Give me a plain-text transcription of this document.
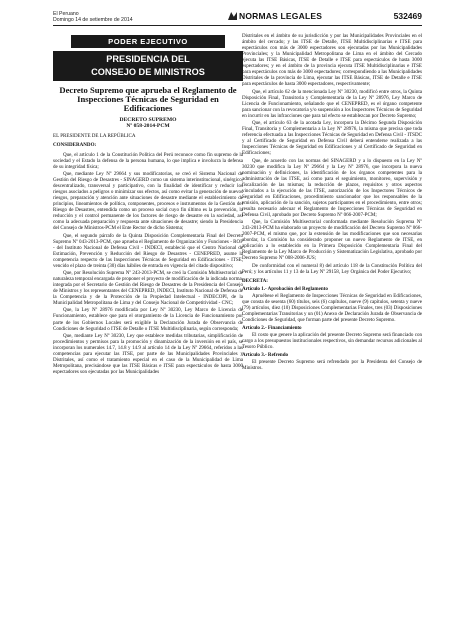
El Peruano
Domingo 14 de setiembre de 2014	NORMAS LEGALES	532469
PODER EJECUTIVO
PRESIDENCIA DEL
CONSEJO DE MINISTROS
Decreto Supremo que aprueba el Reglamento de Inspecciones Técnicas de Seguridad en Edificaciones
DECRETO SUPREMO
Nº 058-2014-PCM

EL PRESIDENTE DE LA REPÚBLICA

CONSIDERANDO:

Que, el artículo 1 de la Constitución Política del Perú reconoce como fin supremo de la sociedad y el Estado la defensa de la persona humana, lo que implica e involucra la defensa de su integridad física;

Que, mediante Ley Nº 29664 y sus modificatorias, se creó el Sistema Nacional de Gestión del Riesgo de Desastres - SINAGERD como un sistema interinstitucional, sinérgico, descentralizado, transversal y participativo, con la finalidad de identificar y reducir los riesgos asociados a peligros o minimizar sus efectos, así como evitar la generación de nuevos riesgos, preparación y atención ante situaciones de desastre mediante el establecimiento de principios, lineamientos de política, componentes, procesos e instrumentos de la Gestión del Riesgo de Desastres, entendida como un proceso social cuyo fin último es la prevención, la reducción y el control permanente de los factores de riesgo de desastre en la sociedad, así como la adecuada preparación y respuesta ante situaciones de desastre; siendo la Presidencia del Consejo de Ministros-PCM el Ente Rector de dicho Sistema;

Que, el segundo párrafo de la Quinta Disposición Complementaria Final del Decreto Supremo Nº 043-2013-PCM, que aprueba el Reglamento de Organización y Funciones - ROF - del Instituto Nacional de Defensa Civil - INDECI, estableció que el Centro Nacional de Estimación, Prevención y Reducción del Riesgo de Desastres - CENEPRED, asume la competencia respecto de las Inspecciones Técnicas de Seguridad en Edificaciones - ITSE, vencido el plazo de treinta (30) días hábiles de entrada en vigencia del citado dispositivo;

Que, por Resolución Suprema Nº 243-2013-PCM, se creó la Comisión Multisectorial de naturaleza temporal encargada de proponer el proyecto de modificación de la indicada norma, integrada por el Secretario de Gestión del Riesgo de Desastres de la Presidencia del Consejo de Ministros y los representantes del CENEPRED, INDECI, Instituto Nacional de Defensa de la Competencia y de la Protección de la Propiedad Intelectual - INDECOPI, de la Municipalidad Metropolitana de Lima y del Consejo Nacional de Competitividad - CNC;

Que, la Ley Nº 28976 modificada por Ley Nº 30230, Ley Marco de Licencia de Funcionamiento, establece que para el otorgamiento de la Licencia de Funcionamiento por parte de los Gobiernos Locales será exigible la Declaración Jurada de Observancia de Condiciones de Seguridad o ITSE de Detalle o ITSE Multidisciplinaria, según corresponda;

Que, mediante Ley Nº 30230, Ley que establece medidas tributarias, simplificación de procedimientos y permisos para la promoción y dinamización de la inversión en el país, se incorporan los numerales 14.7, 14.8 y 14.9 al artículo 14 de la Ley Nº 29664, referidos a las competencias para ejecutar las ITSE, por parte de las Municipalidades Provinciales y Distritales, así como el tratamiento especial en el caso de la Municipalidad de Lima Metropolitana, precisándose que las ITSE Básicas e ITSE para espectáculos de hasta 3000 espectadores son ejecutadas por las Municipalidades

Distritales en el ámbito de su jurisdicción y por las Municipalidades Provinciales en el ámbito del cercado; y las ITSE de Detalle, ITSE Multidisciplinarias e ITSE para espectáculos con más de 3000 espectadores son ejecutadas por las Municipalidades Provinciales; y la Municipalidad Metropolitana de Lima en el ámbito del Cercado ejecuta las ITSE Básicas, ITSE de Detalle e ITSE para espectáculos de hasta 3000 espectadores; y en el ámbito de la provincia ejecuta ITSE Multidisciplinarias e ITSE para espectáculos con más de 3000 espectadores; correspondiendo a las Municipalidades Distritales de la provincia de Lima, ejecutar las ITSE Básicas, ITSE de Detalle e ITSE para espectáculos de hasta 3000 espectadores, respectivamente;

Que, el artículo 62 de la mencionada Ley Nº 30230, modificó entre otros, la Quinta Disposición Final, Transitoria y Complementaria de la Ley Nº 28976, Ley Marco de Licencia de Funcionamiento, señalando que el CENEPRED, es el órgano competente para sancionar con la revocatoria y/o suspensión a los Inspectores Técnicos de Seguridad en incurrir en las infracciones que para tal efecto se establezcan por Decreto Supremo;

Que, el artículo 63 de la acotada Ley, incorpora la Décimo Segunda Disposición Final, Transitoria y Complementaria a la Ley Nº 28976, la misma que precisa que toda referencia efectuada a las Inspecciones Técnicas de Seguridad en Defensa Civil - ITSDC y al Certificado de Seguridad en Defensa Civil deberá entenderse realizada a las Inspecciones Técnicas de Seguridad en Edificaciones y al Certificado de Seguridad en Edificaciones;

Que, de acuerdo con las normas del SINAGERD y a lo dispuesto en la Ley Nº 30230 que modifica la Ley Nº 29664 y la Ley Nº 28976, que incorpora la nueva nominación y definiciones, la identificación de los órganos competentes para la administración de las ITSE, así como para el seguimiento, monitoreo, supervisión y fiscalización de las mismas; la reducción de plazos, requisitos y otros aspectos vinculados a la ejecución de las ITSE, autorización de los Inspectores Técnicos de Seguridad en Edificaciones, procedimiento sancionador que los responsables de la emisión, aplicación de la sanción, sujetos participantes en el procedimiento, entre otros; resulta necesario adecuar el Reglamento de Inspecciones Técnicas de Seguridad en Defensa Civil, aprobado por Decreto Supremo Nº 066-2007-PCM;

Que, la Comisión Multisectorial conformada mediante Resolución Suprema Nº 243-2013-PCM ha elaborado un proyecto de modificación del Decreto Supremo Nº 066-2007-PCM, el mismo que, por la extensión de las modificaciones que son necesarias abordar, la Comisión ha considerado proponer un nuevo Reglamento de ITSE, en aplicación a lo establecido en la Primera Disposición Complementaria Final del Reglamento de la Ley Marco de Producción y Sistematización Legislativa, aprobado por Decreto Supremo Nº 008-2006-JUS;

De conformidad con el numeral 8) del artículo 118 de la Constitución Política del Perú; y los artículos 11 y 13 de la Ley Nº 29158, Ley Orgánica del Poder Ejecutivo;

DECRETA:

Artículo 1.- Aprobación del Reglamento

Apruébese el Reglamento de Inspecciones Técnicas de Seguridad en Edificaciones, que consta de sesenta (60) títulos, seis (6) capítulos, nueve (9) capítulos, setenta y nueve (79) artículos, diez (10) Disposiciones Complementarias Finales, tres (03) Disposiciones Complementarias Transitorias y un (01) Anexo de Declaración Jurada de Observancia de Condiciones de Seguridad, que forman parte del presente Decreto Supremo.

Artículo 2.- Financiamiento

El costo que genere la aplicación del presente Decreto Supremo será financiado con cargo a los presupuestos institucionales respectivos, sin demandar recursos adicionales al Tesoro Público.

Artículo 3.- Refrendo

El presente Decreto Supremo será refrendado por la Presidenta del Consejo de Ministros.
